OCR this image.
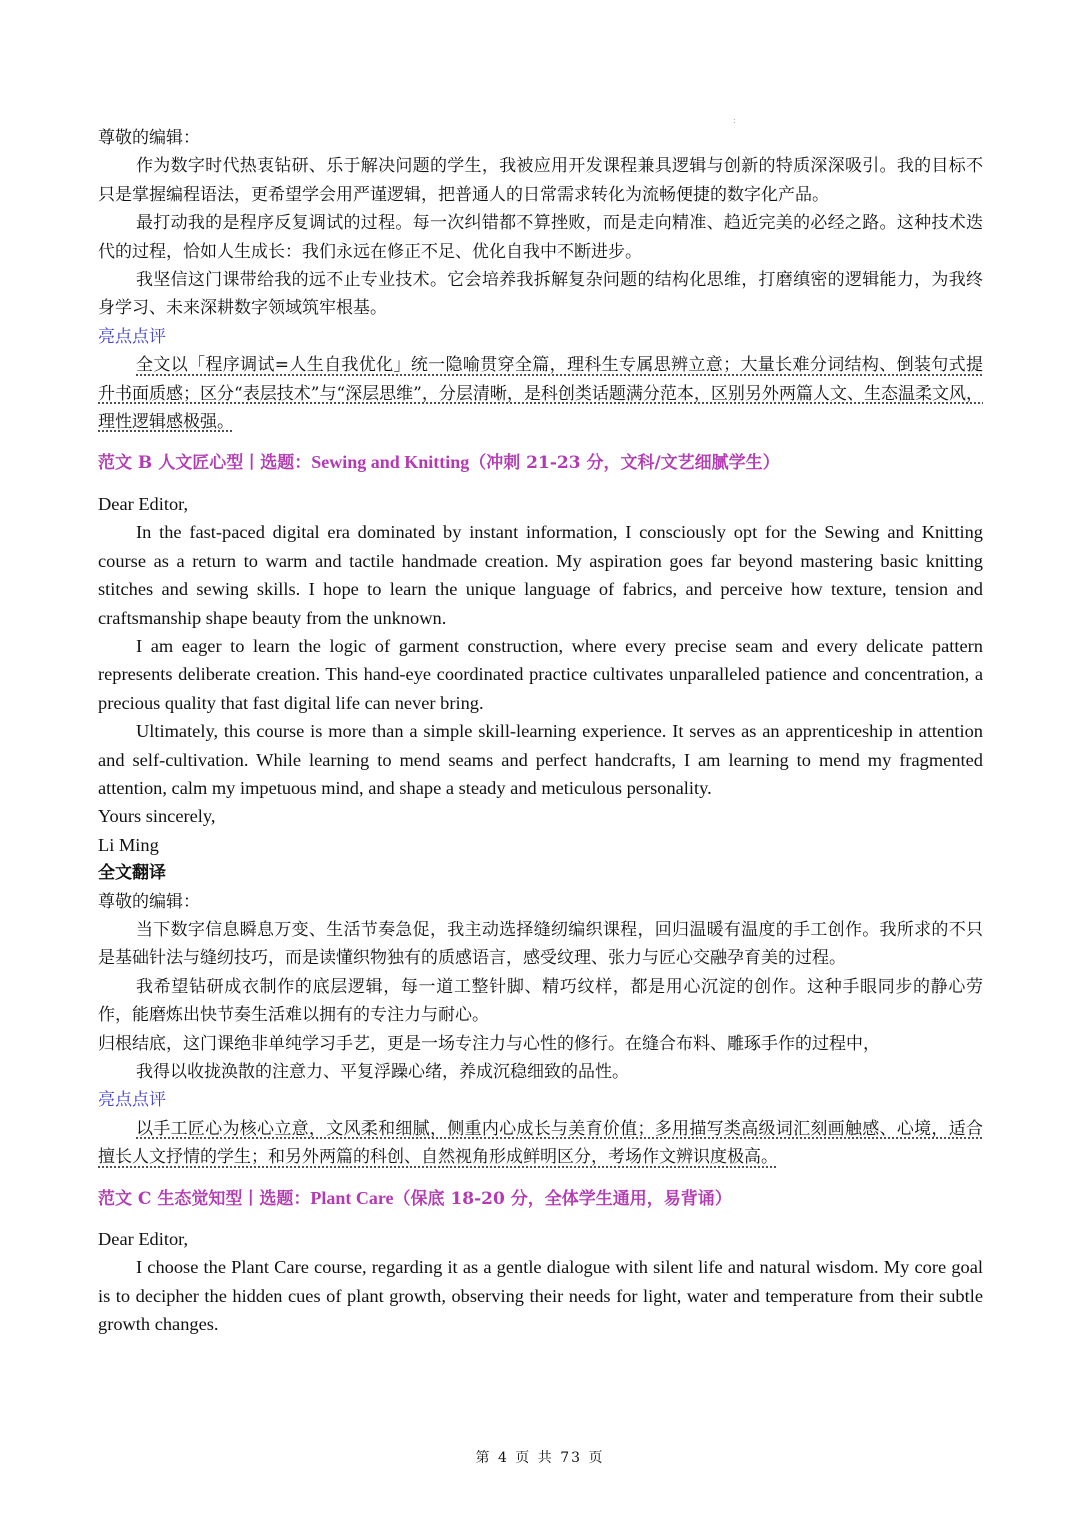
:

尊敬的编辑：

作为数字时代热衷钻研、乐于解决问题的学生，我被应用开发课程兼具逻辑与创新的特质深深吸引。我的目标不只是掌握编程语法，更希望学会用严谨逻辑，把普通人的日常需求转化为流畅便捷的数字化产品。

最打动我的是程序反复调试的过程。每一次纠错都不算挫败，而是走向精准、趋近完美的必经之路。这种技术迭代的过程，恰如人生成长：我们永远在修正不足、优化自我中不断进步。

我坚信这门课带给我的远不止专业技术。它会培养我拆解复杂问题的结构化思维，打磨缜密的逻辑能力，为我终身学习、未来深耕数字领域筑牢根基。

亮点点评

全文以「程序调试=人生自我优化」统一隐喻贯穿全篇，理科生专属思辨立意；大量长难分词结构、倒装句式提升书面质感；区分“表层技术”与“深层思维”，分层清晰，是科创类话题满分范本，区别另外两篇人文、生态温柔文风，理性逻辑感极强。

范文 B 人文匠心型丨选题：Sewing and Knitting（冲刺 21-23 分，文科/文艺细腻学生）

Dear Editor,

In the fast-paced digital era dominated by instant information, I consciously opt for the Sewing and Knitting course as a return to warm and tactile handmade creation. My aspiration goes far beyond mastering basic knitting stitches and sewing skills. I hope to learn the unique language of fabrics, and perceive how texture, tension and craftsmanship shape beauty from the unknown.

I am eager to learn the logic of garment construction, where every precise seam and every delicate pattern represents deliberate creation. This hand-eye coordinated practice cultivates unparalleled patience and concentration, a precious quality that fast digital life can never bring.

Ultimately, this course is more than a simple skill-learning experience. It serves as an apprenticeship in attention and self-cultivation. While learning to mend seams and perfect handcrafts, I am learning to mend my fragmented attention, calm my impetuous mind, and shape a steady and meticulous personality.

Yours sincerely,

Li Ming

全文翻译

尊敬的编辑：

当下数字信息瞬息万变、生活节奏急促，我主动选择缝纫编织课程，回归温暖有温度的手工创作。我所求的不只是基础针法与缝纫技巧，而是读懂织物独有的质感语言，感受纹理、张力与匠心交融孕育美的过程。

我希望钻研成衣制作的底层逻辑，每一道工整针脚、精巧纹样，都是用心沉淀的创作。这种手眼同步的静心劳作，能磨炼出快节奏生活难以拥有的专注力与耐心。

归根结底，这门课绝非单纯学习手艺，更是一场专注力与心性的修行。在缝合布料、雕琢手作的过程中，

我得以收拢涣散的注意力、平复浮躁心绪，养成沉稳细致的品性。

亮点点评

以手工匠心为核心立意，文风柔和细腻，侧重内心成长与美育价值；多用描写类高级词汇刻画触感、心境，适合擅长人文抒情的学生；和另外两篇的科创、自然视角形成鲜明区分，考场作文辨识度极高。

范文 C 生态觉知型丨选题：Plant Care（保底 18-20 分，全体学生通用，易背诵）

Dear Editor,

I choose the Plant Care course, regarding it as a gentle dialogue with silent life and natural wisdom. My core goal is to decipher the hidden cues of plant growth, observing their needs for light, water and temperature from their subtle growth changes.

第 4 页 共 73 页
